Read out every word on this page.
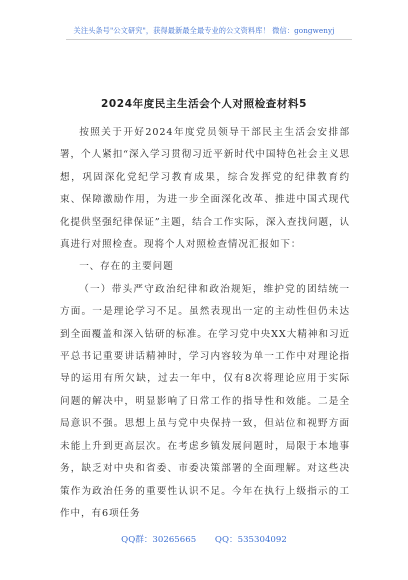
关注头条号"公文研究"，获得最新最全最专业的公文资料库！ 微信：gongwenyj
2024年度民主生活会个人对照检查材料5

按照关于开好2024年度党员领导干部民主生活会安排部署，个人紧扣“深入学习贯彻习近平新时代中国特色社会主义思想，巩固深化党纪学习教育成果，综合发挥党的纪律教育约束、保障激励作用，为进一步全面深化改革、推进中国式现代化提供坚强纪律保证”主题，结合工作实际，深入查找问题，认真进行对照检查。现将个人对照检查情况汇报如下：

一、存在的主要问题

（一）带头严守政治纪律和政治规矩，维护党的团结统一方面。一是理论学习不足。虽然表现出一定的主动性但仍未达到全面覆盖和深入钻研的标准。在学习党中央XX大精神和习近平总书记重要讲话精神时，学习内容较为单一工作中对理论指导的运用有所欠缺，过去一年中，仅有8次将理论应用于实际问题的解决中，明显影响了日常工作的指导性和效能。二是全局意识不强。思想上虽与党中央保持一致，但站位和视野方面未能上升到更高层次。在考虑乡镇发展问题时，局限于本地事务，缺乏对中央和省委、市委决策部署的全面理解。对这些决策作为政治任务的重要性认识不足。今年在执行上级指示的工作中，有6项任务

QQ群：30265665 QQ：535304092
